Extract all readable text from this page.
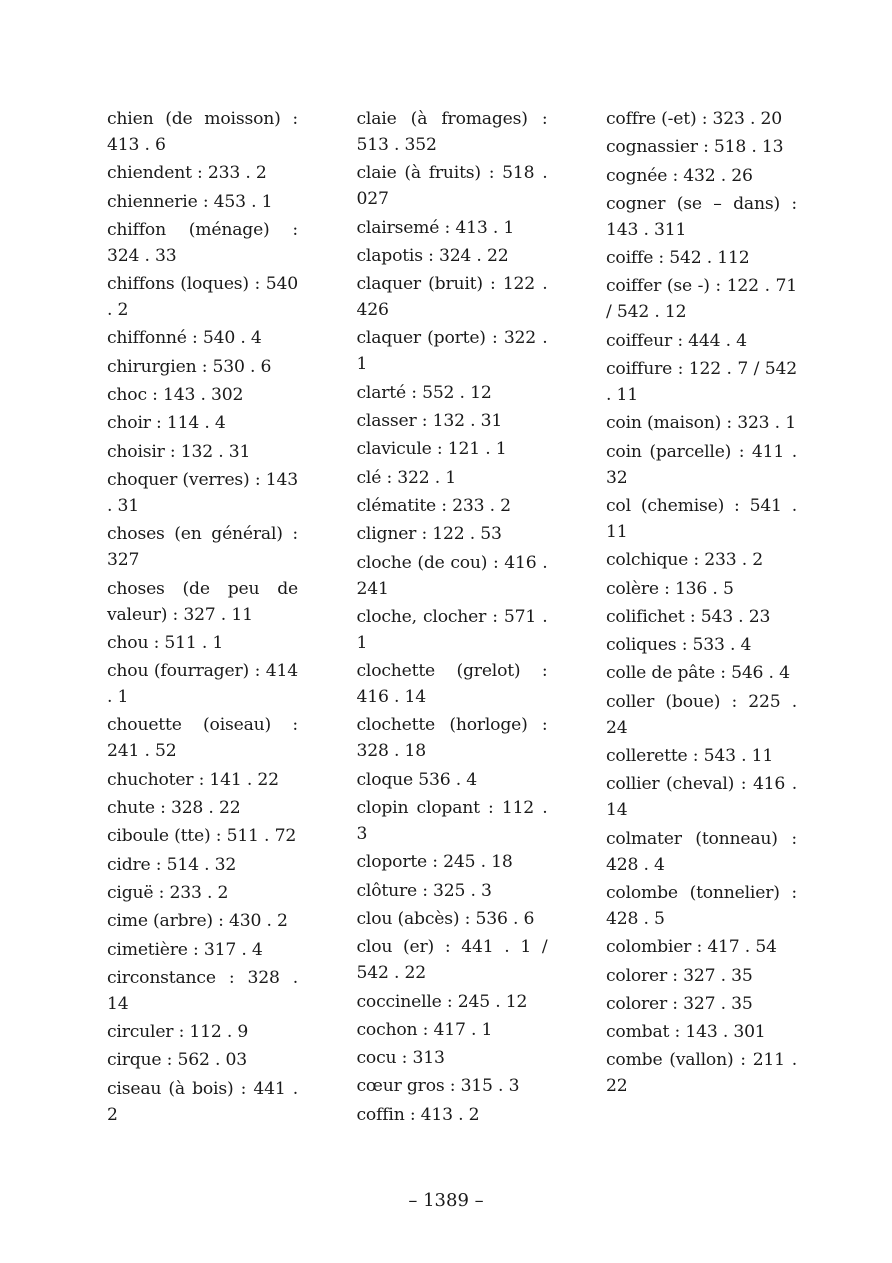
chien (de moisson) : 413 . 6
chiendent : 233 . 2
chiennerie : 453 . 1
chiffon (ménage) : 324 . 33
chiffons (loques) : 540 . 2
chiffonné : 540 . 4
chirurgien : 530 . 6
choc : 143 . 302
choir : 114 . 4
choisir : 132 . 31
choquer (verres) : 143 . 31
choses (en général) : 327
choses (de peu de valeur) : 327 . 11
chou : 511 . 1
chou (fourrager) : 414 . 1
chouette (oiseau) : 241 . 52
chuchoter : 141 . 22
chute : 328 . 22
ciboule (tte) : 511 . 72
cidre : 514 . 32
ciguë : 233 . 2
cime (arbre) : 430 . 2
cimetière : 317 . 4
circonstance : 328 . 14
circuler : 112 . 9
cirque : 562 . 03
ciseau (à bois) : 441 . 2
claie (à fromages) : 513 . 352
claie (à fruits) : 518 . 027
clairsemé : 413 . 1
clapotis : 324 . 22
claquer (bruit) : 122 . 426
claquer (porte) : 322 . 1
clarté : 552 . 12
classer : 132 . 31
clavicule : 121 . 1
clé : 322 . 1
clématite : 233 . 2
cligner : 122 . 53
cloche (de cou) : 416 . 241
cloche, clocher : 571 . 1
clochette (grelot) : 416 . 14
clochette (horloge) : 328 . 18
cloque 536 . 4
clopin clopant : 112 . 3
cloporte : 245 . 18
clôture : 325 . 3
clou (abcès) : 536 . 6
clou (er) : 441 . 1 / 542 . 22
coccinelle : 245 . 12
cochon : 417 . 1
cocu : 313
cœur gros : 315 . 3
coffin : 413 . 2
coffre (-et) : 323 . 20
cognassier : 518 . 13
cognée : 432 . 26
cogner (se – dans) : 143 . 311
coiffe : 542 . 112
coiffer (se -) : 122 . 71 / 542 . 12
coiffeur : 444 . 4
coiffure : 122 . 7 / 542 . 11
coin (maison) : 323 . 1
coin (parcelle) : 411 . 32
col (chemise) : 541 . 11
colchique : 233 . 2
colère : 136 . 5
colifichet : 543 . 23
coliques : 533 . 4
colle de pâte : 546 . 4
coller (boue) : 225 . 24
collerette : 543 . 11
collier (cheval) : 416 . 14
colmater (tonneau) : 428 . 4
colombe (tonnelier) : 428 . 5
colombier : 417 . 54
colorer : 327 . 35
colorer : 327 . 35
combat : 143 . 301
combe (vallon) : 211 . 22
– 1389 –
